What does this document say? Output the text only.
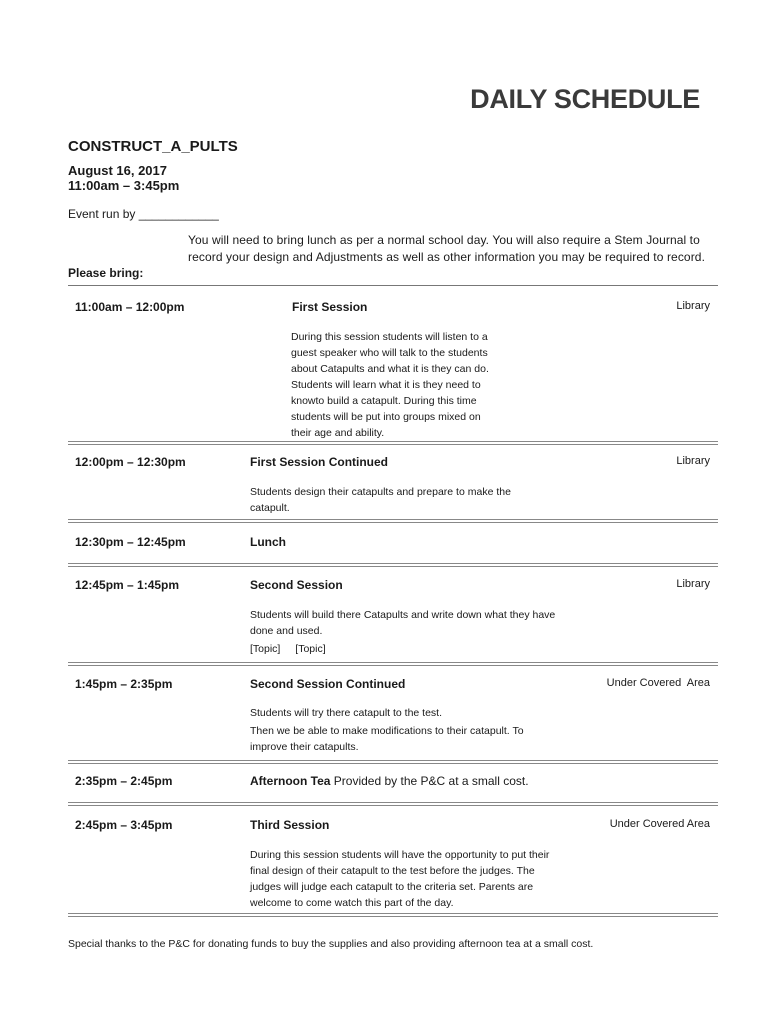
DAILY SCHEDULE
CONSTRUCT_A_PULTS
August 16, 2017
11:00am – 3:45pm
Event run by ____________
You will need to bring lunch as per a normal school day. You will also require a Stem Journal to record your design and Adjustments as well as other information you may be required to record.
Please bring:
11:00am – 12:00pm	First Session	Library

During this session students will listen to a guest speaker who will talk to the students about Catapults and what it is they can do. Students will learn what it is they need to knowto build a catapult. During this time students will be put into groups mixed on their age and ability.

12:00pm – 12:30pm	First Session Continued	Library

Students design their catapults and prepare to make the catapult.

12:30pm – 12:45pm	Lunch
12:45pm – 1:45pm	Second Session	Library

Students will build there Catapults and write down what they have done and used.

[Topic] [Topic]
1:45pm – 2:35pm	Second Session Continued	Under Covered  Area

Students will try there catapult to the test.

Then we be able to make modifications to their catapult. To improve their catapults.

2:35pm – 2:45pm	Afternoon Tea Provided by the P&C at a small cost.
2:45pm – 3:45pm	Third Session	Under Covered Area

During this session students will have the opportunity to put their final design of their catapult to the test before the judges. The judges will judge each catapult to the criteria set. Parents are welcome to come watch this part of the day.

Special thanks to the P&C for donating funds to buy the supplies and also providing afternoon tea at a small cost.
